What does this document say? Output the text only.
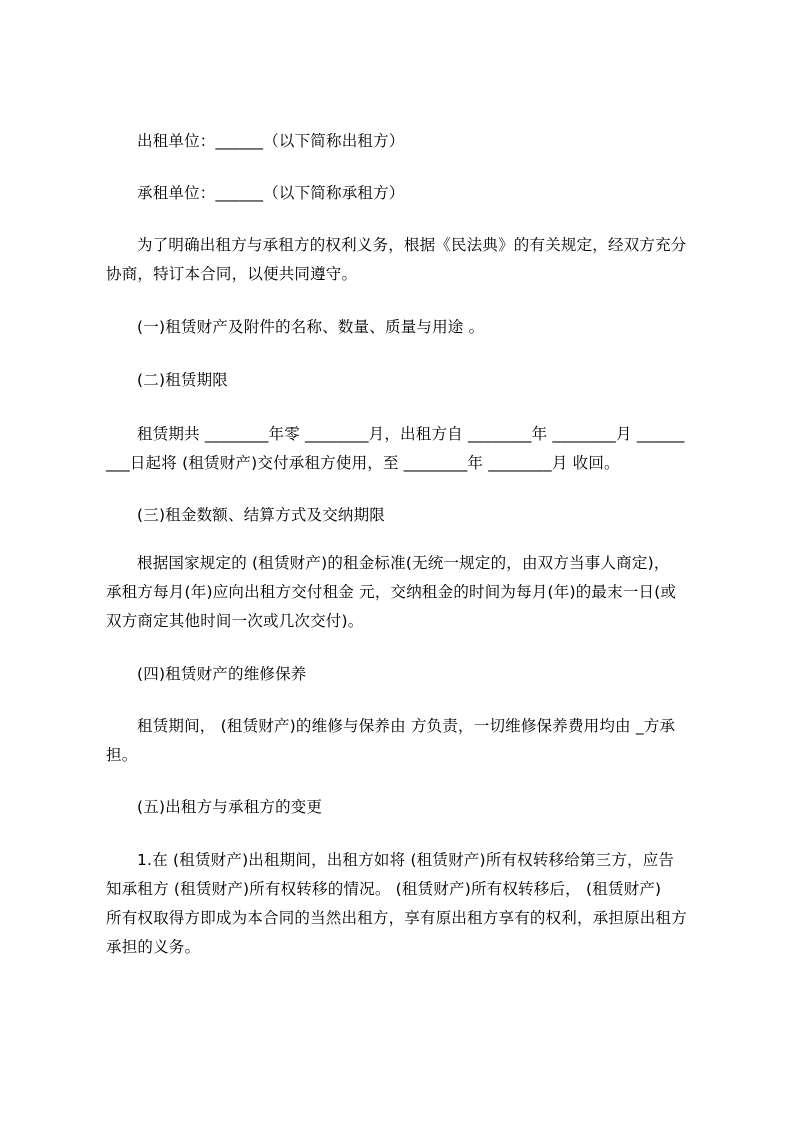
出租单位：______（以下简称出租方）
承租单位：______（以下简称承租方）
为了明确出租方与承租方的权利义务，根据《民法典》的有关规定，经双方充分
协商，特订本合同，以便共同遵守。
(一)租赁财产及附件的名称、数量、质量与用途 。
(二)租赁期限
租赁期共 ________年零 ________月，出租方自 ________年 ________月 ______
___日起将 (租赁财产)交付承租方使用，至 ________年 ________月 收回。
(三)租金数额、结算方式及交纳期限
根据国家规定的 (租赁财产)的租金标准(无统一规定的，由双方当事人商定)，
承租方每月(年)应向出租方交付租金 元，交纳租金的时间为每月(年)的最末一日(或
双方商定其他时间一次或几次交付)。
(四)租赁财产的维修保养
租赁期间， (租赁财产)的维修与保养由 方负责，一切维修保养费用均由 _方承
担。
(五)出租方与承租方的变更
1.在 (租赁财产)出租期间，出租方如将 (租赁财产)所有权转移给第三方，应告
知承租方 (租赁财产)所有权转移的情况。 (租赁财产)所有权转移后， (租赁财产)
所有权取得方即成为本合同的当然出租方，享有原出租方享有的权利，承担原出租方
承担的义务。
